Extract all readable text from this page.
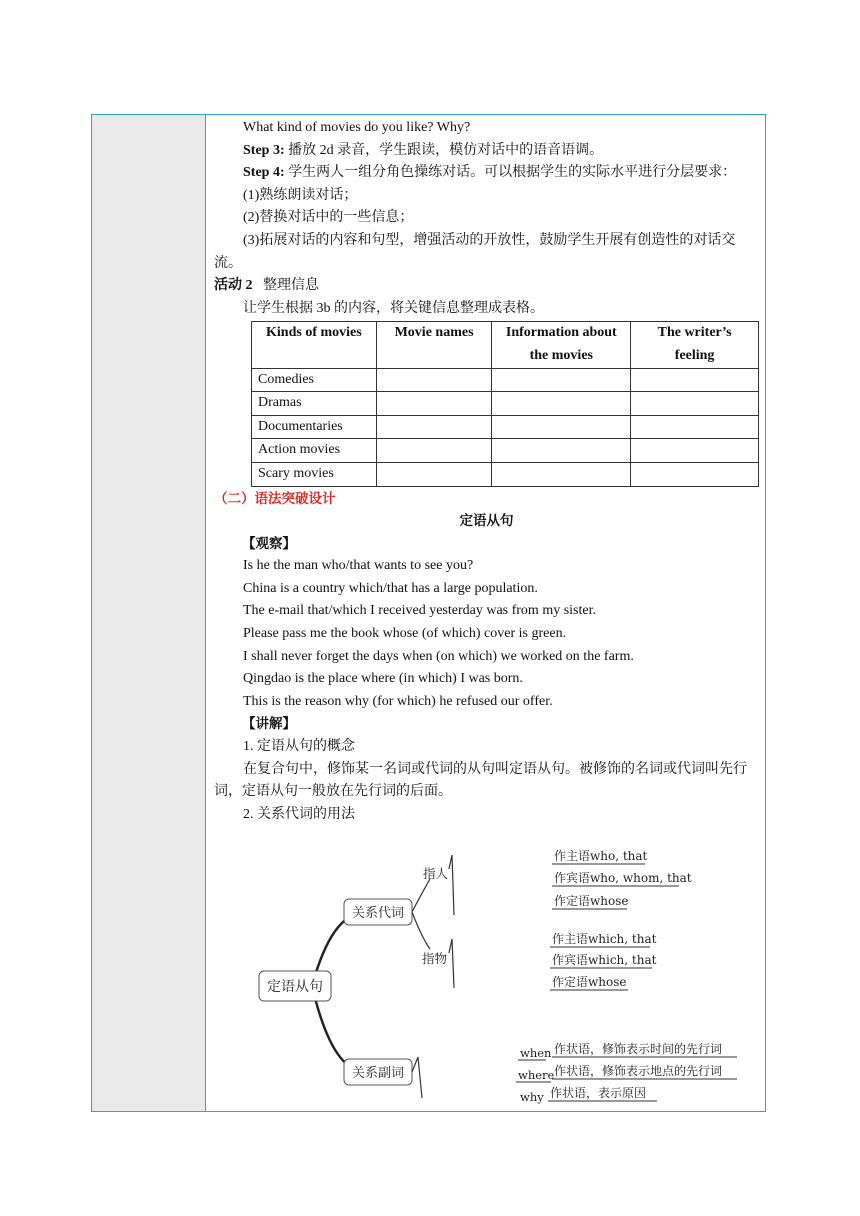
What kind of movies do you like? Why?

Step 3: 播放 2d 录音，学生跟读，模仿对话中的语音语调。

Step 4: 学生两人一组分角色操练对话。可以根据学生的实际水平进行分层要求：

(1)熟练朗读对话；

(2)替换对话中的一些信息；

(3)拓展对话的内容和句型，增强活动的开放性，鼓励学生开展有创造性的对话交流。

活动 2 整理信息

让学生根据 3b 的内容，将关键信息整理成表格。

Kinds of movies	Movie names	Information about the movies	The writer’s feeling
Comedies			
Dramas			
Documentaries			
Action movies			
Scary movies			

（二）语法突破设计

定语从句

【观察】

Is he the man who/that wants to see you?

China is a country which/that has a large population.

The e-mail that/which I received yesterday was from my sister.

Please pass me the book whose (of which) cover is green.

I shall never forget the days when (on which) we worked on the farm.

Qingdao is the place where (in which) I was born.

This is the reason why (for which) he refused our offer.

【讲解】

1. 定语从句的概念

在复合句中，修饰某一名词或代词的从句叫定语从句。被修饰的名词或代词叫先行词，定语从句一般放在先行词的后面。

2. 关系代词的用法

定语从句
关系代词
关系副词
指人
指物
作主语who, that
作宾语who, whom, that
作定语whose
作主语which, that
作宾语which, that
作定语whose
when
where
why
作状语，修饰表示时间的先行词
作状语，修饰表示地点的先行词
作状语，表示原因
